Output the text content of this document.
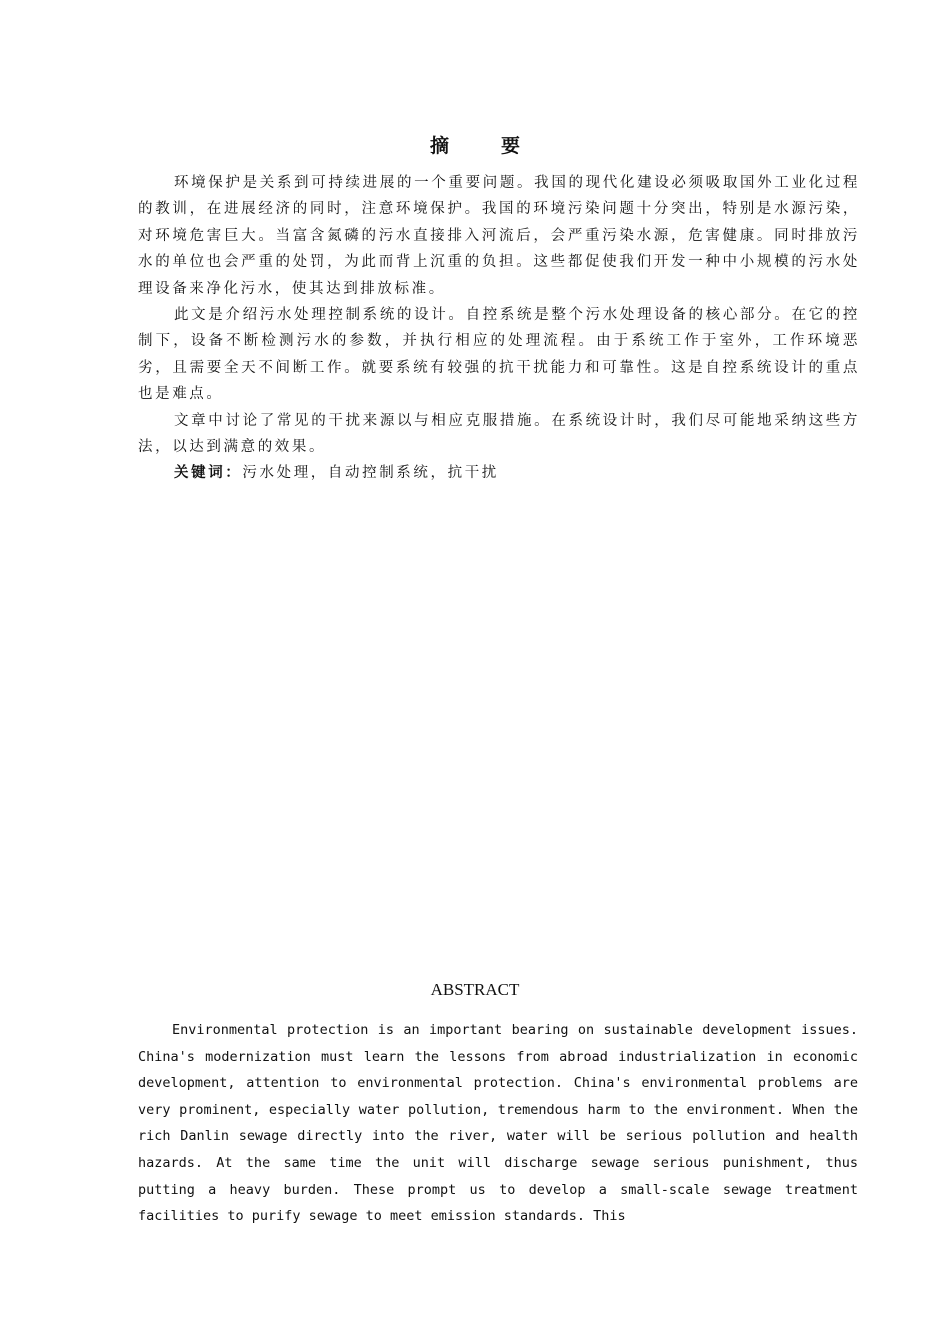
摘要

环境保护是关系到可持续进展的一个重要问题。我国的现代化建设必须吸取国外工业化过程的教训，在进展经济的同时，注意环境保护。我国的环境污染问题十分突出，特别是水源污染，对环境危害巨大。当富含氮磷的污水直接排入河流后，会严重污染水源，危害健康。同时排放污水的单位也会严重的处罚，为此而背上沉重的负担。这些都促使我们开发一种中小规模的污水处理设备来净化污水，使其达到排放标准。

此文是介绍污水处理控制系统的设计。自控系统是整个污水处理设备的核心部分。在它的控制下，设备不断检测污水的参数，并执行相应的处理流程。由于系统工作于室外，工作环境恶劣，且需要全天不间断工作。就要系统有较强的抗干扰能力和可靠性。这是自控系统设计的重点也是难点。

文章中讨论了常见的干扰来源以与相应克服措施。在系统设计时，我们尽可能地采纳这些方法，以达到满意的效果。

关键词：污水处理，自动控制系统，抗干扰

ABSTRACT

Environmental protection is an important bearing on sustainable development issues. China's modernization must learn the lessons from abroad industrialization in economic development, attention to environmental protection. China's environmental problems are very prominent, especially water pollution, tremendous harm to the environment. When the rich Danlin sewage directly into the river, water will be serious pollution and health hazards. At the same time the unit will discharge sewage serious punishment, thus putting a heavy burden. These prompt us to develop a small-scale sewage treatment facilities to purify sewage to meet emission standards. This
